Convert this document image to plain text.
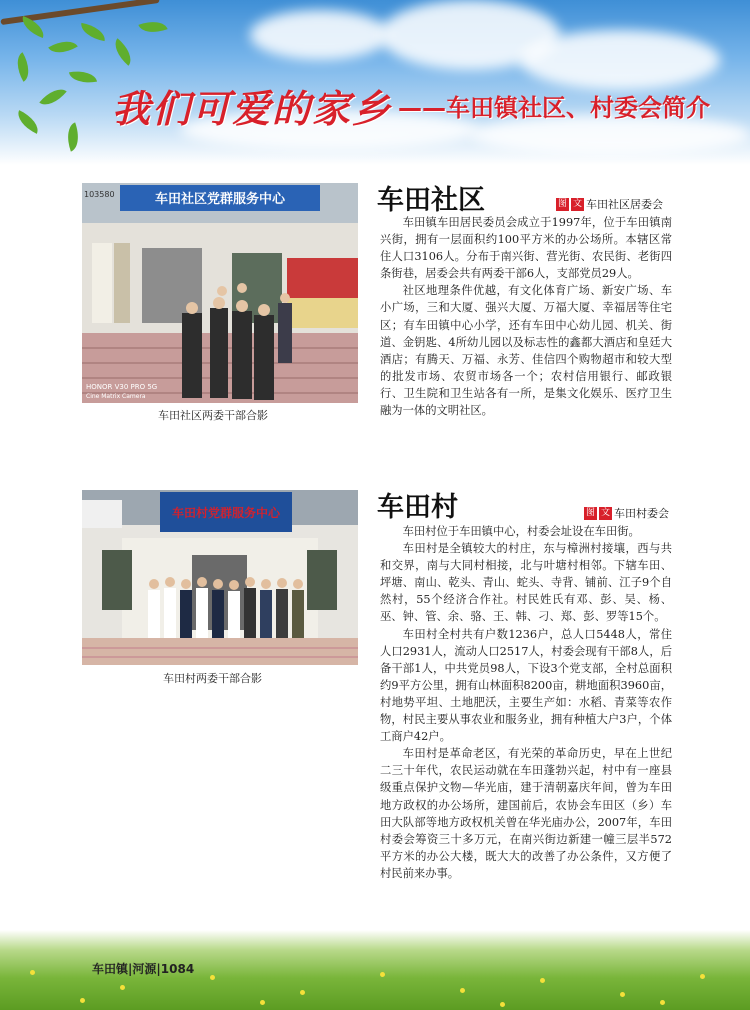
我们可爱的家乡 ——车田镇社区、村委会简介
车田社区党群服务中心
103580
HONOR V30 PRO 5G
Cine Matrix Camera
车田社区两委干部合影
车田社区	图 文 车田社区居委会

车田镇车田居民委员会成立于1997年，位于车田镇南兴街，拥有一层面积约100平方米的办公场所。本辖区常住人口3106人。分布于南兴街、营光街、农民街、老街四条街巷，居委会共有两委干部6人，支部党员29人。

社区地理条件优越，有文化体育广场、新安广场、车小广场，三和大厦、强兴大厦、万福大厦、幸福居等住宅区；有车田镇中心小学，还有车田中心幼儿园、机关、街道、金钥匙、4所幼儿园以及标志性的鑫都大酒店和皇廷大酒店；有腾天、万福、永芳、佳信四个购物超市和较大型的批发市场、农贸市场各一个；农村信用银行、邮政银行、卫生院和卫生站各有一所，是集文化娱乐、医疗卫生融为一体的文明社区。

车田村党群服务中心
车田村两委干部合影
车田村	图 文 车田村委会

车田村位于车田镇中心，村委会址设在车田街。

车田村是全镇较大的村庄，东与樟洲村接壤，西与共和交界，南与大同村相接，北与叶塘村相邻。下辖车田、坪塘、南山、乾头、青山、蛇头、寺背、铺前、江子9个自然村，55个经济合作社。村民姓氏有邓、彭、吴、杨、巫、钟、管、余、骆、王、韩、刁、郑、彭、罗等15个。

车田村全村共有户数1236户，总人口5448人，常住人口2931人，流动人口2517人，村委会现有干部8人，后备干部1人，中共党员98人，下设3个党支部，全村总面积约9平方公里，拥有山林面积8200亩，耕地面积3960亩，村地势平坦、土地肥沃，主要生产如：水稻、青菜等农作物，村民主要从事农业和服务业，拥有种植大户3户，个体工商户42户。

车田村是革命老区，有光荣的革命历史，早在上世纪二三十年代，农民运动就在车田蓬勃兴起，村中有一座县级重点保护文物—华光庙，建于清朝嘉庆年间，曾为车田地方政权的办公场所，建国前后，农协会车田区（乡）车田大队部等地方政权机关曾在华光庙办公，2007年，车田村委会筹资三十多万元，在南兴街边新建一幢三层半572平方米的办公大楼，既大大的改善了办公条件，又方便了村民前来办事。

车田镇|河源|1084
